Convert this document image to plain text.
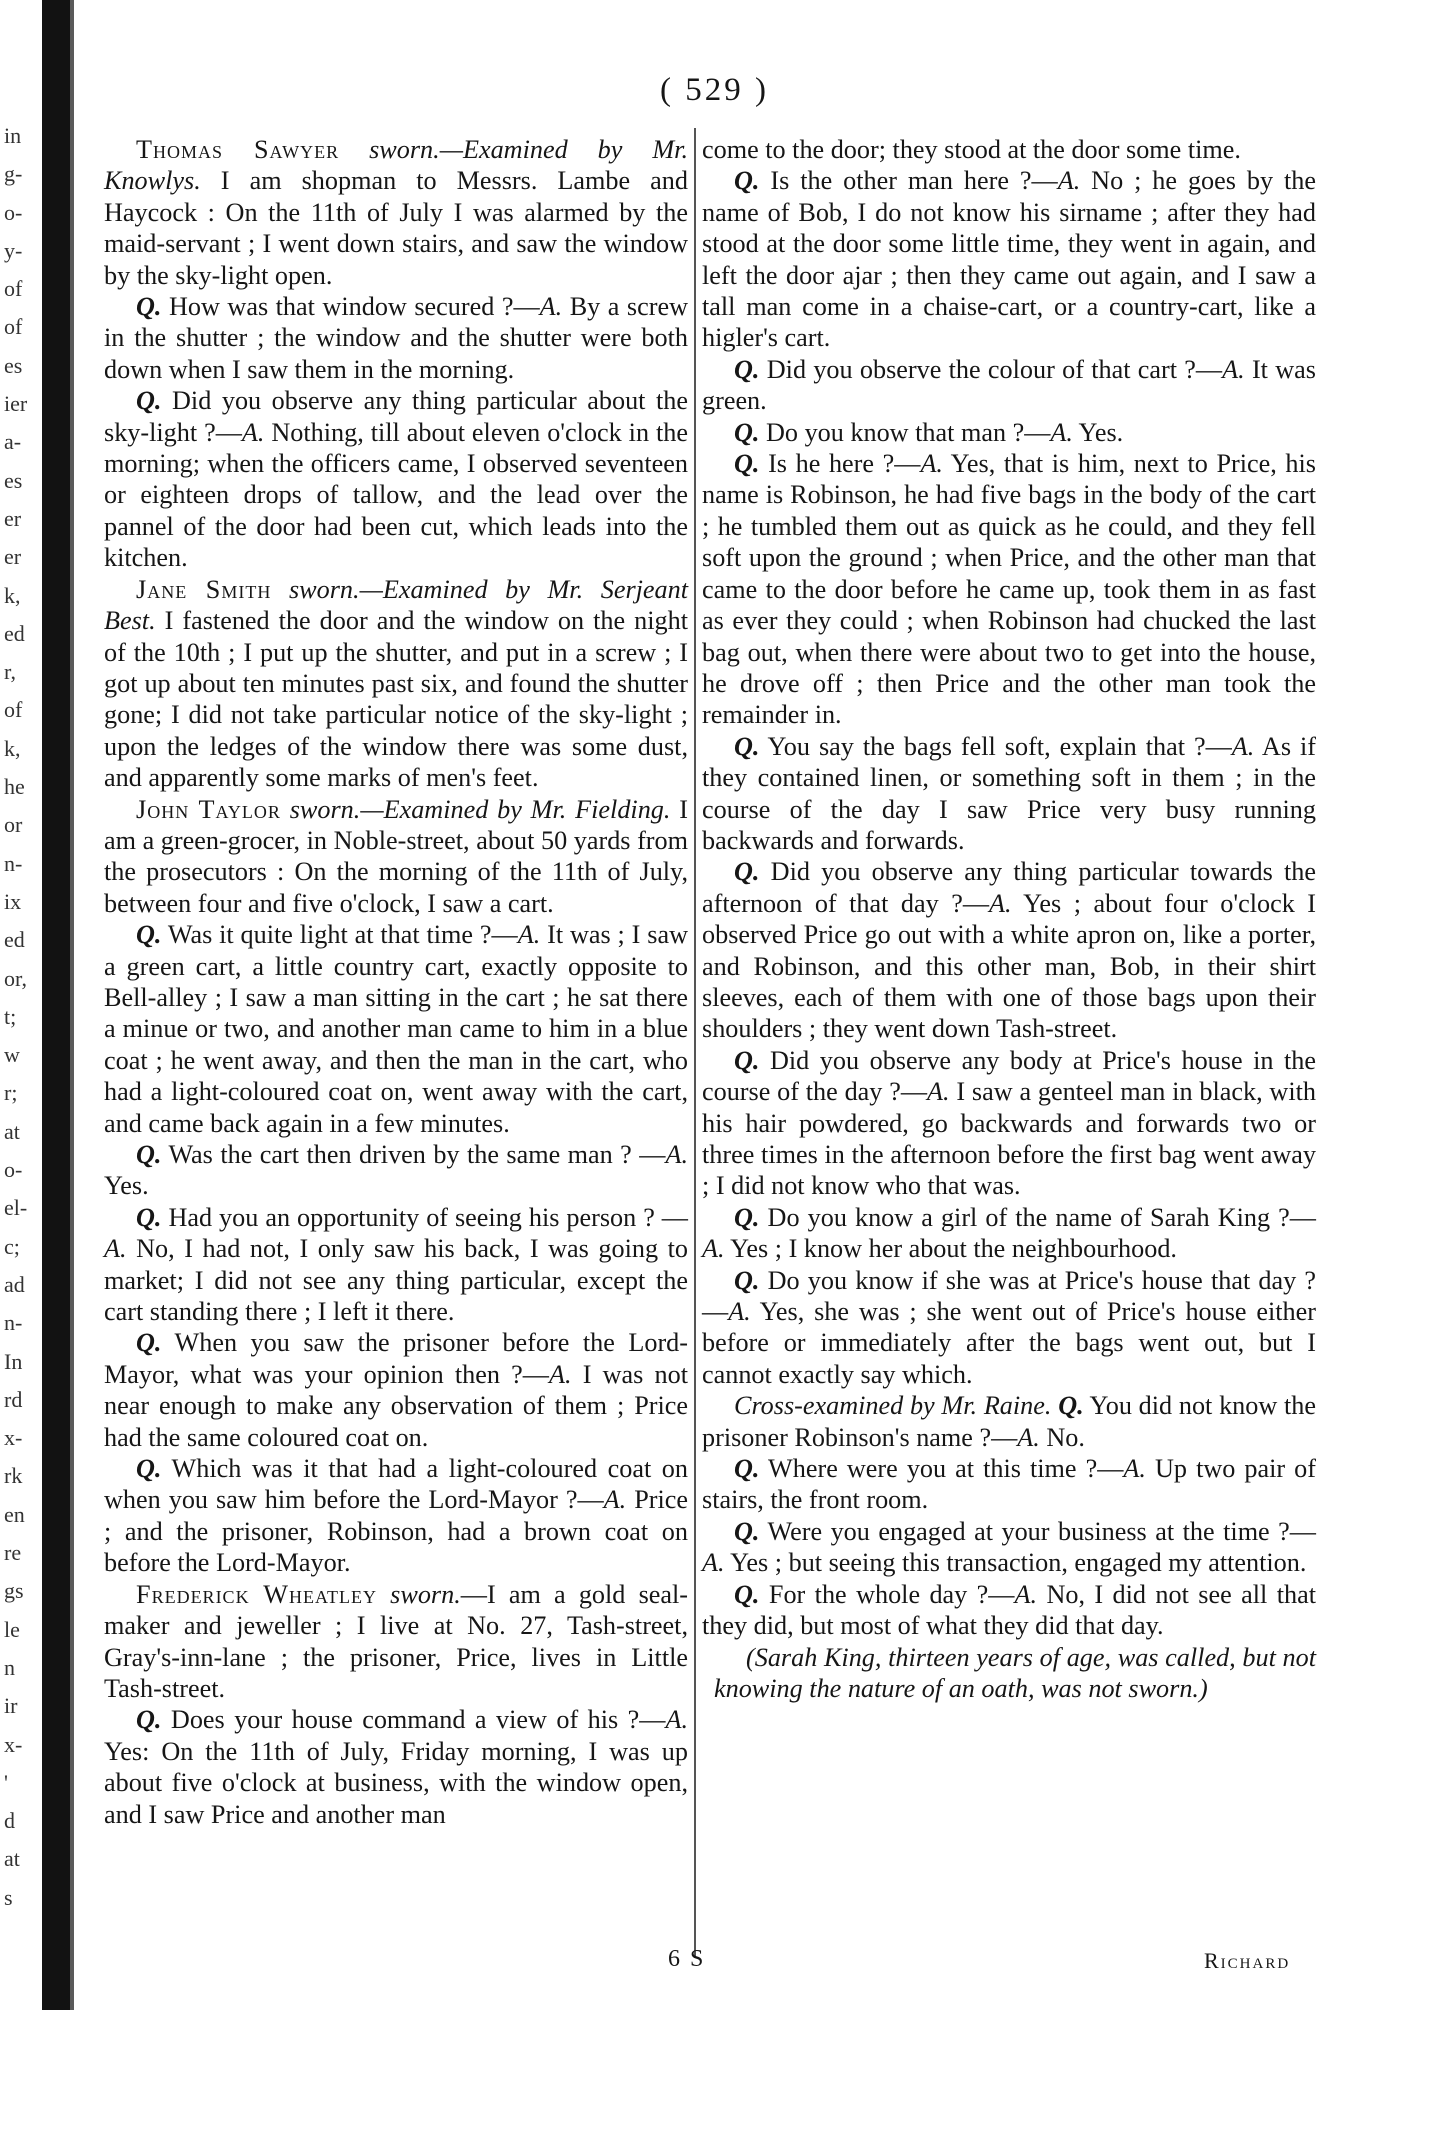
in
g-
o-
y-
of
of
es
ier
a-
es
er
er
k,
ed
r,
of
k,
he
or
n-
ix
ed
or,
t;
w
r;
at
o-
el-
c;
ad
n-
In
rd
x-
rk
en
re
gs
le
n
ir
x-
'
d
at
s
( 529 )

Thomas Sawyer sworn.—Examined by Mr. Knowlys. I am shopman to Messrs. Lambe and Haycock : On the 11th of July I was alarmed by the maid-servant ; I went down stairs, and saw the window by the sky-light open.

Q. How was that window secured ?—A. By a screw in the shutter ; the window and the shutter were both down when I saw them in the morning.

Q. Did you observe any thing particular about the sky-light ?—A. Nothing, till about eleven o'clock in the morning; when the officers came, I observed seventeen or eighteen drops of tallow, and the lead over the pannel of the door had been cut, which leads into the kitchen.

Jane Smith sworn.—Examined by Mr. Serjeant Best. I fastened the door and the window on the night of the 10th ; I put up the shutter, and put in a screw ; I got up about ten minutes past six, and found the shutter gone; I did not take particular notice of the sky-light ; upon the ledges of the window there was some dust, and apparently some marks of men's feet.

John Taylor sworn.—Examined by Mr. Fielding. I am a green-grocer, in Noble-street, about 50 yards from the prosecutors : On the morning of the 11th of July, between four and five o'clock, I saw a cart.

Q. Was it quite light at that time ?—A. It was ; I saw a green cart, a little country cart, exactly opposite to Bell-alley ; I saw a man sitting in the cart ; he sat there a minue or two, and another man came to him in a blue coat ; he went away, and then the man in the cart, who had a light-coloured coat on, went away with the cart, and came back again in a few minutes.

Q. Was the cart then driven by the same man ? —A. Yes.

Q. Had you an opportunity of seeing his person ? —A. No, I had not, I only saw his back, I was going to market; I did not see any thing particular, except the cart standing there ; I left it there.

Q. When you saw the prisoner before the Lord-Mayor, what was your opinion then ?—A. I was not near enough to make any observation of them ; Price had the same coloured coat on.

Q. Which was it that had a light-coloured coat on when you saw him before the Lord-Mayor ?—A. Price ; and the prisoner, Robinson, had a brown coat on before the Lord-Mayor.

Frederick Wheatley sworn.—I am a gold seal-maker and jeweller ; I live at No. 27, Tash-street, Gray's-inn-lane ; the prisoner, Price, lives in Little Tash-street.

Q. Does your house command a view of his ?—A. Yes: On the 11th of July, Friday morning, I was up about five o'clock at business, with the window open, and I saw Price and another man

come to the door; they stood at the door some time.

Q. Is the other man here ?—A. No ; he goes by the name of Bob, I do not know his sirname ; after they had stood at the door some little time, they went in again, and left the door ajar ; then they came out again, and I saw a tall man come in a chaise-cart, or a country-cart, like a higler's cart.

Q. Did you observe the colour of that cart ?—A. It was green.

Q. Do you know that man ?—A. Yes.

Q. Is he here ?—A. Yes, that is him, next to Price, his name is Robinson, he had five bags in the body of the cart ; he tumbled them out as quick as he could, and they fell soft upon the ground ; when Price, and the other man that came to the door before he came up, took them in as fast as ever they could ; when Robinson had chucked the last bag out, when there were about two to get into the house, he drove off ; then Price and the other man took the remainder in.

Q. You say the bags fell soft, explain that ?—A. As if they contained linen, or something soft in them ; in the course of the day I saw Price very busy running backwards and forwards.

Q. Did you observe any thing particular towards the afternoon of that day ?—A. Yes ; about four o'clock I observed Price go out with a white apron on, like a porter, and Robinson, and this other man, Bob, in their shirt sleeves, each of them with one of those bags upon their shoulders ; they went down Tash-street.

Q. Did you observe any body at Price's house in the course of the day ?—A. I saw a genteel man in black, with his hair powdered, go backwards and forwards two or three times in the afternoon before the first bag went away ; I did not know who that was.

Q. Do you know a girl of the name of Sarah King ?—A. Yes ; I know her about the neighbourhood.

Q. Do you know if she was at Price's house that day ?—A. Yes, she was ; she went out of Price's house either before or immediately after the bags went out, but I cannot exactly say which.

Cross-examined by Mr. Raine. Q. You did not know the prisoner Robinson's name ?—A. No.

Q. Where were you at this time ?—A. Up two pair of stairs, the front room.

Q. Were you engaged at your business at the time ?—A. Yes ; but seeing this transaction, engaged my attention.

Q. For the whole day ?—A. No, I did not see all that they did, but most of what they did that day.

(Sarah King, thirteen years of age, was called, but not knowing the nature of an oath, was not sworn.)

6 S	Richard
